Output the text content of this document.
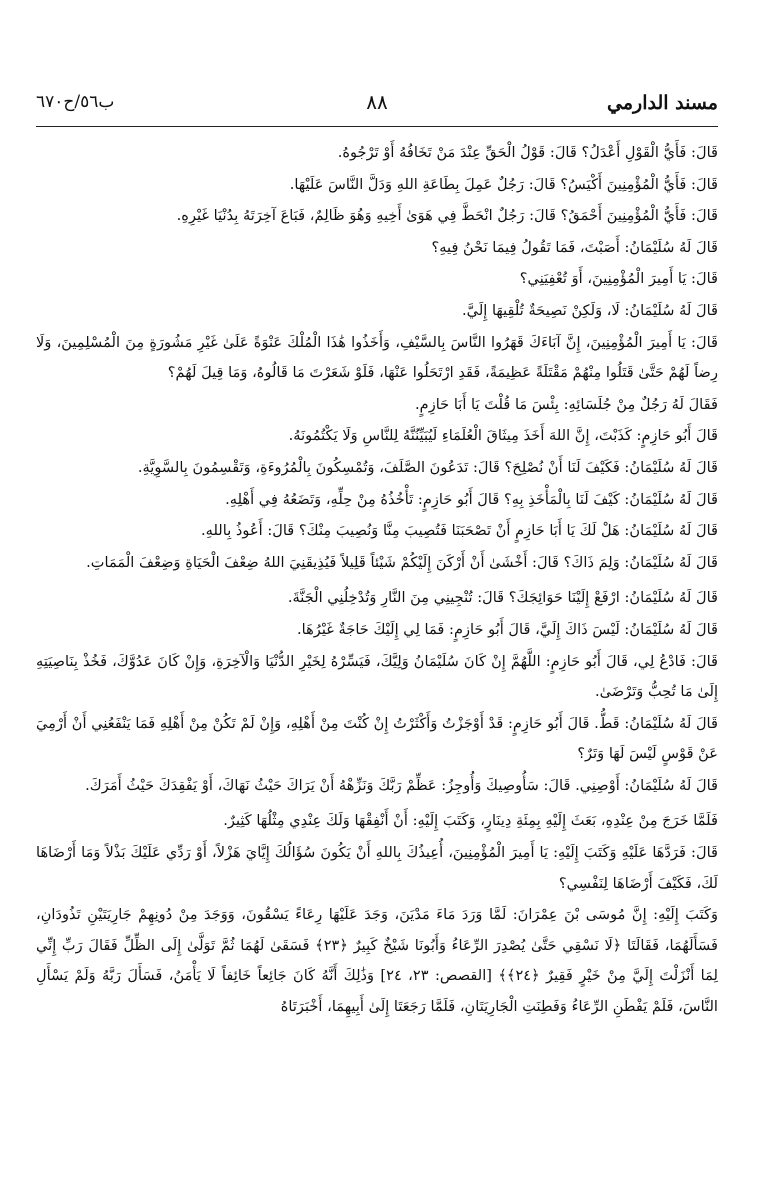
مسند الدارمي
٨٨
ب٥٦/ح٦٧٠

قَالَ: فَأَيُّ الْقَوْلِ أَعْدَلُ؟ قَالَ: قَوْلُ الْحَقِّ عِنْدَ مَنْ تَخَافُهُ أَوْ تَرْجُوهُ.

قَالَ: فَأَيُّ الْمُؤْمِنِينَ أَكْيَسُ؟ قَالَ: رَجُلٌ عَمِلَ بِطَاعَةِ اللهِ وَدَلَّ النَّاسَ عَلَيْهَا.

قَالَ: فَأَيُّ الْمُؤْمِنِينَ أَحْمَقُ؟ قَالَ: رَجُلٌ انْحَطَّ فِي هَوَىٰ أَخِيهِ وَهُوَ ظَالِمٌ، فَبَاعَ آخِرَتَهُ بِدُنْيَا غَيْرِهِ.

قَالَ لَهُ سُلَيْمَانُ: أَصَبْتَ، فَمَا تَقُولُ فِيمَا نَحْنُ فِيهِ؟

قَالَ: يَا أَمِيرَ الْمُؤْمِنِينَ، أَوَ تُعْفِيَنِي؟

قَالَ لَهُ سُلَيْمَانُ: لَا، وَلَكِنْ نَصِيحَةٌ تُلْقِيهَا إِلَيَّ.

قَالَ: يَا أَمِيرَ الْمُؤْمِنِينَ، إِنَّ آبَاءَكَ قَهَرُوا النَّاسَ بِالسَّيْفِ، وَأَخَذُوا هَٰذَا الْمُلْكَ عَنْوَةً عَلَىٰ غَيْرِ مَشُورَةٍ مِنَ الْمُسْلِمِينَ، وَلَا رِضاً لَهُمْ حَتَّىٰ قَتَلُوا مِنْهُمْ مَقْتَلَةً عَظِيمَةً، فَقَدِ ارْتَحَلُوا عَنْهَا، فَلَوْ شَعَرْتَ مَا قَالُوهُ، وَمَا قِيلَ لَهُمْ؟

فَقَالَ لَهُ رَجُلٌ مِنْ جُلَسَائِهِ: بِئْسَ مَا قُلْتَ يَا أَبَا حَازِمٍ.

قَالَ أَبُو حَازِمٍ: كَذَبْتَ، إِنَّ اللهَ أَخَذَ مِيثَاقَ الْعُلَمَاءِ لَيُبَيِّنُنَّهُ لِلنَّاسِ وَلَا يَكْتُمُونَهُ.

قَالَ لَهُ سُلَيْمَانُ: فَكَيْفَ لَنَا أَنْ نُصْلِحَ؟ قَالَ: تَدَعُونَ الصَّلَفَ، وَتُمْسِكُونَ بِالْمُرُوءَةِ، وَتَقْسِمُونَ بِالسَّوِيَّةِ.

قَالَ لَهُ سُلَيْمَانُ: كَيْفَ لَنَا بِالْمَأْخَذِ بِهِ؟ قَالَ أَبُو حَازِمٍ: تَأْخُذُهُ مِنْ حِلِّهِ، وَتَضَعُهُ فِي أَهْلِهِ.

قَالَ لَهُ سُلَيْمَانُ: هَلْ لَكَ يَا أَبَا حَازِمٍ أَنْ تَصْحَبَنَا فَتُصِيبَ مِنَّا وَنُصِيبَ مِنْكَ؟ قَالَ: أَعُوذُ بِاللهِ.

قَالَ لَهُ سُلَيْمَانُ: وَلِمَ ذَاكَ؟ قَالَ: أَخْشَىٰ أَنْ أَرْكَنَ إِلَيْكُمْ شَيْئاً قَلِيلاً فَيُذِيقَنِيَ اللهُ ضِعْفَ الْحَيَاةِ وَضِعْفَ الْمَمَاتِ.

قَالَ لَهُ سُلَيْمَانُ: ارْفَعْ إِلَيْنَا حَوَائِجَكَ؟ قَالَ: تُنْجِينِي مِنَ النَّارِ وَتُدْخِلُنِي الْجَنَّةَ.

قَالَ لَهُ سُلَيْمَانُ: لَيْسَ ذَاكَ إِلَيَّ، قَالَ أَبُو حَازِمٍ: فَمَا لِي إِلَيْكَ حَاجَةٌ غَيْرُهَا.

قَالَ: فَادْعُ لِي، قَالَ أَبُو حَازِمٍ: اللَّهُمَّ إِنْ كَانَ سُلَيْمَانُ وَلِيَّكَ، فَيَسِّرْهُ لِخَيْرِ الدُّنْيَا وَالْآخِرَةِ، وَإِنْ كَانَ عَدُوَّكَ، فَخُذْ بِنَاصِيَتِهِ إِلَىٰ مَا تُحِبُّ وَتَرْضَىٰ.

قَالَ لَهُ سُلَيْمَانُ: قَطُّ. قَالَ أَبُو حَازِمٍ: قَدْ أَوْجَزْتُ وَأَكْثَرْتُ إِنْ كُنْتَ مِنْ أَهْلِهِ، وَإِنْ لَمْ تَكُنْ مِنْ أَهْلِهِ فَمَا يَنْفَعُنِي أَنْ أَرْمِيَ عَنْ قَوْسٍ لَيْسَ لَهَا وَتَرٌ؟

قَالَ لَهُ سُلَيْمَانُ: أَوْصِنِي. قَالَ: سَأُوصِيكَ وَأُوجِزُ: عَظِّمْ رَبَّكَ وَنَزِّهْهُ أَنْ يَرَاكَ حَيْثُ نَهَاكَ، أَوْ يَفْقِدَكَ حَيْثُ أَمَرَكَ.

فَلَمَّا خَرَجَ مِنْ عِنْدِهِ، بَعَثَ إِلَيْهِ بِمِئَةِ دِينَارٍ، وَكَتَبَ إِلَيْهِ: أَنْ أَنْفِقْهَا وَلَكَ عِنْدِي مِثْلُهَا كَثِيرٌ.

قَالَ: فَرَدَّهَا عَلَيْهِ وَكَتَبَ إِلَيْهِ: يَا أَمِيرَ الْمُؤْمِنِينَ، أُعِيذُكَ بِاللهِ أَنْ يَكُونَ سُؤَالُكَ إِيَّايَ هَزْلاً، أَوْ رَدِّي عَلَيْكَ بَذْلاً وَمَا أَرْضَاهَا لَكَ، فَكَيْفَ أَرْضَاهَا لِنَفْسِي؟

وَكَتَبَ إِلَيْهِ: إِنَّ مُوسَى بْنَ عِمْرَانَ: لَمَّا وَرَدَ مَاءَ مَدْيَنَ، وَجَدَ عَلَيْهَا رِعَاءً يَسْقُونَ، وَوَجَدَ مِنْ دُونِهِمْ جَارِيَتَيْنِ تَذُودَانِ، فَسَأَلَهُمَا، فَقَالَتَا ﴿لَا نَسْقِي حَتَّىٰ يُصْدِرَ الرِّعَاءُ وَأَبُونَا شَيْخٌ كَبِيرٌ ﴿٢٣﴾ فَسَقَىٰ لَهُمَا ثُمَّ تَوَلَّىٰ إِلَى الظِّلِّ فَقَالَ رَبِّ إِنِّي لِمَا أَنْزَلْتَ إِلَيَّ مِنْ خَيْرٍ فَقِيرٌ ﴿٢٤﴾﴾ [القصص: ٢٣، ٢٤] وَذَٰلِكَ أَنَّهُ كَانَ جَائِعاً خَائِفاً لَا يَأْمَنُ، فَسَأَلَ رَبَّهُ وَلَمْ يَسْأَلِ النَّاسَ، فَلَمْ يَفْطَنِ الرِّعَاءُ وَفَطِنَتِ الْجَارِيَتَانِ، فَلَمَّا رَجَعَتَا إِلَىٰ أَبِيهِمَا، أَخْبَرَتَاهُ
